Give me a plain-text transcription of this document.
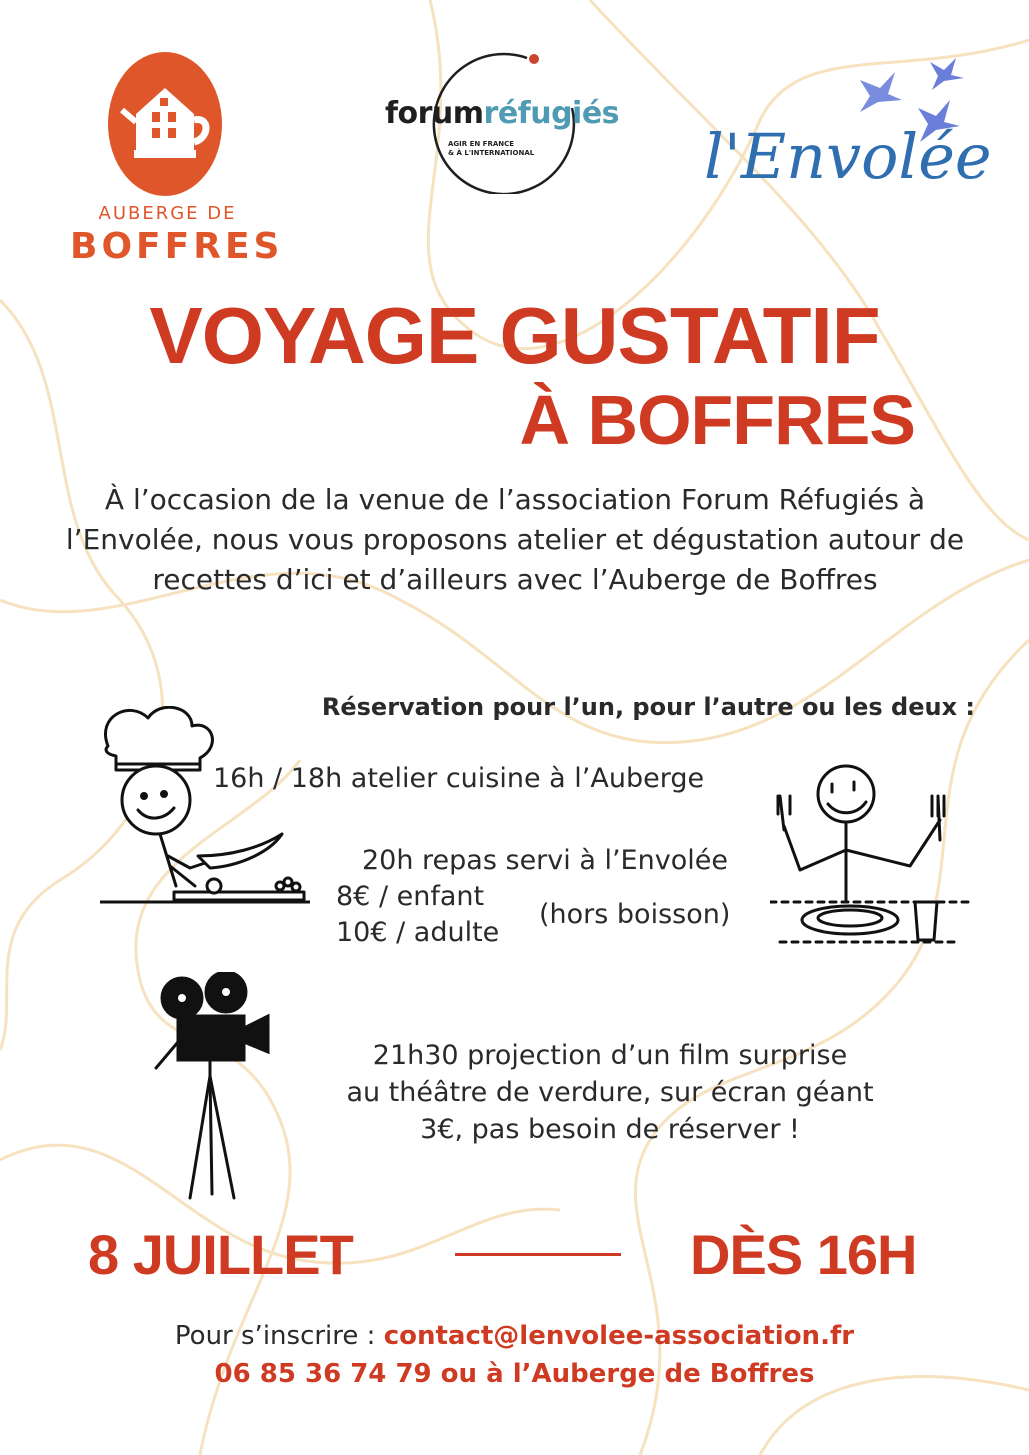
AUBERGE DE
BOFFRES
forumréfugiés
AGIR EN FRANCE
& À L'INTERNATIONAL	l'Envolée
VOYAGE GUSTATIF
À BOFFRES
À l’occasion de la venue de l’association Forum Réfugiés à l’Envolée, nous vous proposons atelier et dégustation autour de recettes d’ici et d’ailleurs avec l’Auberge de Boffres
Réservation pour l’un, pour l’autre ou les deux :
16h / 18h atelier cuisine à l’Auberge
20h repas servi à l’Envolée
8€ / enfant
10€ / adulte
(hors boisson)
21h30 projection d’un film surprise
au théâtre de verdure, sur écran géant
3€, pas besoin de réserver !
8 JUILLET	DÈS 16H
Pour s’inscrire : contact@lenvolee-association.fr
06 85 36 74 79 ou à l’Auberge de Boffres
